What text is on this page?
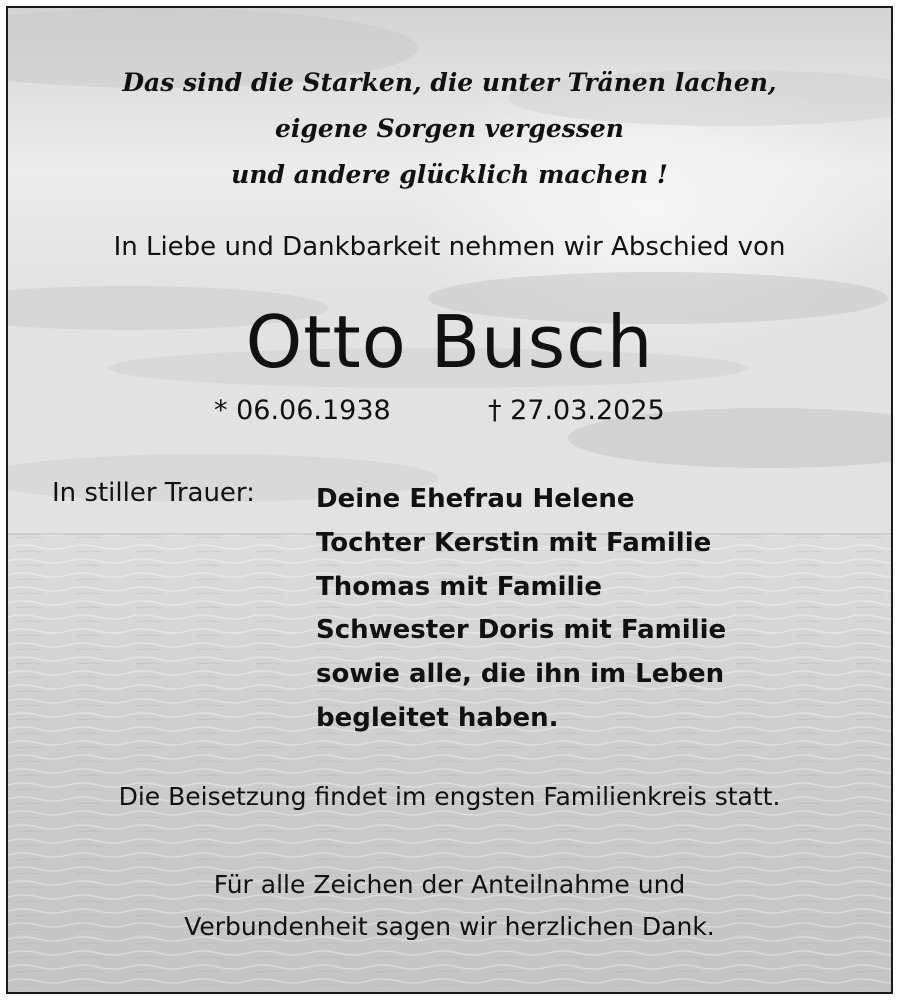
Das sind die Starken, die unter Tränen lachen,
eigene Sorgen vergessen
und andere glücklich machen !
In Liebe und Dankbarkeit nehmen wir Abschied von
Otto Busch
* 06.06.1938	† 27.03.2025
In stiller Trauer: Deine Ehefrau Helene
Tochter Kerstin mit Familie
Thomas mit Familie
Schwester Doris mit Familie
sowie alle, die ihn im Leben
begleitet haben.
Die Beisetzung findet im engsten Familienkreis statt.
Für alle Zeichen der Anteilnahme und
Verbundenheit sagen wir herzlichen Dank.
